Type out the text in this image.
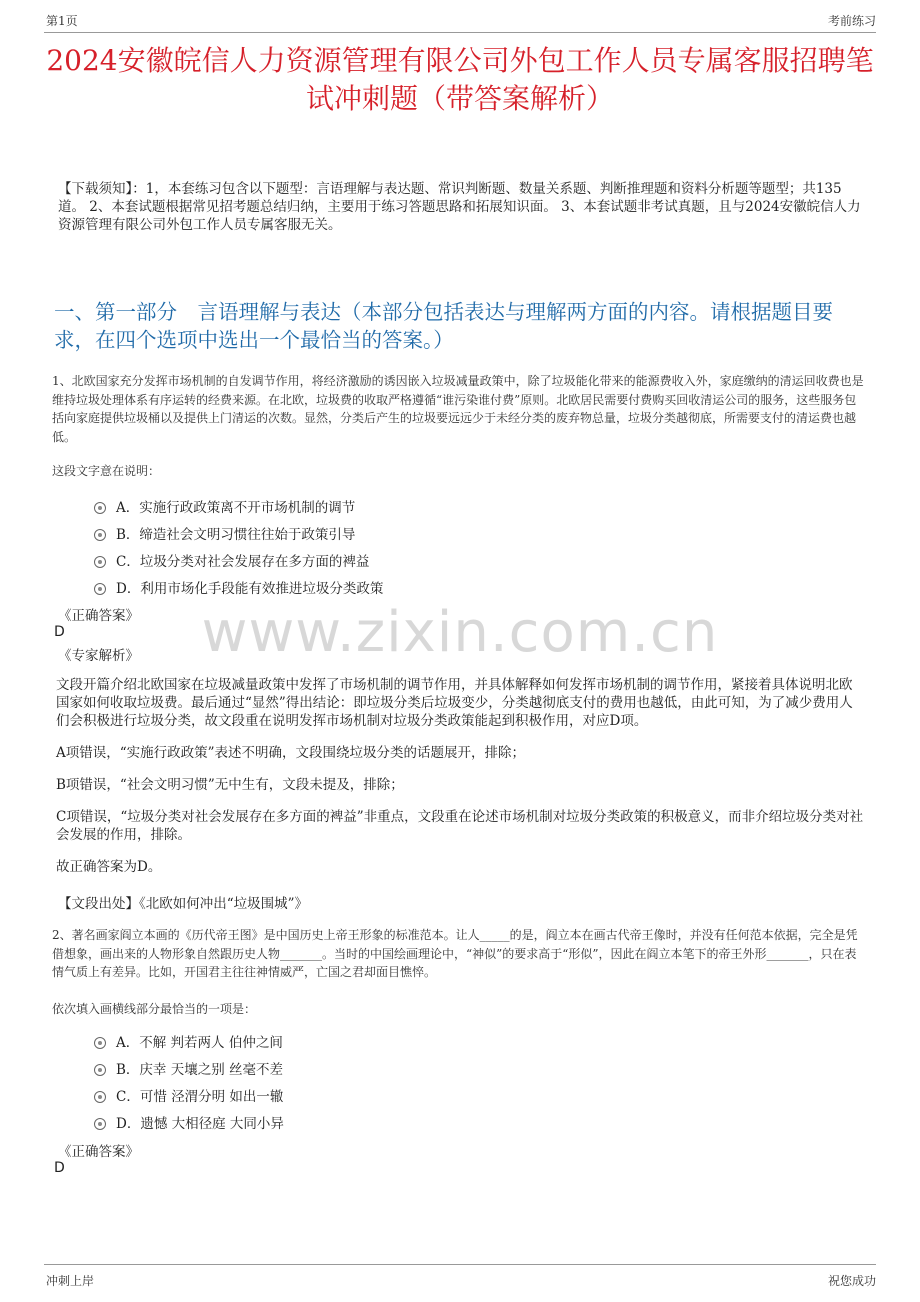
第1页	考前练习
2024安徽皖信人力资源管理有限公司外包工作人员专属客服招聘笔试冲刺题（带答案解析）
【下载须知】：1，本套练习包含以下题型：言语理解与表达题、常识判断题、数量关系题、判断推理题和资料分析题等题型；共135道。 2、本套试题根据常见招考题总结归纳，主要用于练习答题思路和拓展知识面。 3、本套试题非考试真题，且与2024安徽皖信人力资源管理有限公司外包工作人员专属客服无关。
一、第一部分　言语理解与表达（本部分包括表达与理解两方面的内容。请根据题目要求，在四个选项中选出一个最恰当的答案。）
1、北欧国家充分发挥市场机制的自发调节作用，将经济激励的诱因嵌入垃圾减量政策中，除了垃圾能化带来的能源费收入外，家庭缴纳的清运回收费也是维持垃圾处理体系有序运转的经费来源。在北欧，垃圾费的收取严格遵循“谁污染谁付费”原则。北欧居民需要付费购买回收清运公司的服务，这些服务包括向家庭提供垃圾桶以及提供上门清运的次数。显然，分类后产生的垃圾要远远少于未经分类的废弃物总量，垃圾分类越彻底，所需要支付的清运费也越低。
这段文字意在说明：
A．实施行政政策离不开市场机制的调节
B．缔造社会文明习惯往往始于政策引导
C．垃圾分类对社会发展存在多方面的裨益
D．利用市场化手段能有效推进垃圾分类政策
《正确答案》
D
《专家解析》	www.zixin.com.cn
文段开篇介绍北欧国家在垃圾减量政策中发挥了市场机制的调节作用，并具体解释如何发挥市场机制的调节作用，紧接着具体说明北欧国家如何收取垃圾费。最后通过“显然”得出结论：即垃圾分类后垃圾变少，分类越彻底支付的费用也越低，由此可知，为了减少费用人们会积极进行垃圾分类，故文段重在说明发挥市场机制对垃圾分类政策能起到积极作用，对应D项。
A项错误，“实施行政政策”表述不明确，文段围绕垃圾分类的话题展开，排除；
B项错误，“社会文明习惯”无中生有，文段未提及，排除；
C项错误，“垃圾分类对社会发展存在多方面的裨益”非重点，文段重在论述市场机制对垃圾分类政策的积极意义，而非介绍垃圾分类对社会发展的作用，排除。
故正确答案为D。
【文段出处】《北欧如何冲出“垃圾围城”》
2、著名画家阎立本画的《历代帝王图》是中国历史上帝王形象的标准范本。让人_____的是，阎立本在画古代帝王像时，并没有任何范本依据，完全是凭借想象，画出来的人物形象自然跟历史人物_______。当时的中国绘画理论中，“神似”的要求高于“形似”，因此在阎立本笔下的帝王外形_______，只在表情气质上有差异。比如，开国君主往往神情威严，亡国之君却面目憔悴。
依次填入画横线部分最恰当的一项是：
A．不解 判若两人 伯仲之间
B．庆幸 天壤之别 丝毫不差
C．可惜 泾渭分明 如出一辙
D．遗憾 大相径庭 大同小异
《正确答案》
D
冲刺上岸	祝您成功
